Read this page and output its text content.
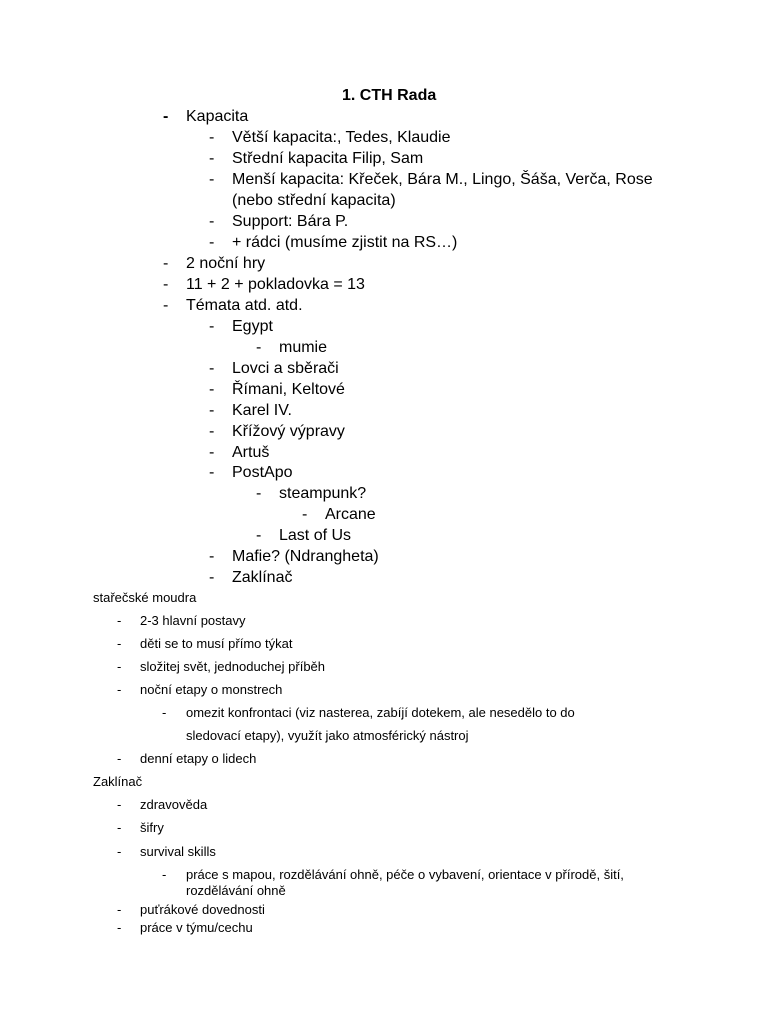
1. CTH Rada
- Kapacita
- Větší kapacita:, Tedes, Klaudie
- Střední kapacita Filip, Sam
- Menší kapacita: Křeček, Bára M., Lingo, Šáša, Verča, Rose
(nebo střední kapacita)
- Support: Bára P.
- + rádci (musíme zjistit na RS…)
- 2 noční hry
- 11 + 2 + pokladovka = 13
- Témata atd. atd.
- Egypt
- mumie
- Lovci a sběrači
- Římani, Keltové
- Karel IV.
- Křížový výpravy
- Artuš
- PostApo
- steampunk?
- Arcane
- Last of Us
- Mafie? (Ndrangheta)
- Zaklínač
stařečské moudra
- 2-3 hlavní postavy
- děti se to musí přímo týkat
- složitej svět, jednoduchej příběh
- noční etapy o monstrech
- omezit konfrontaci (viz nasterea, zabíjí dotekem, ale nesedělo to do
sledovací etapy), využít jako atmosférický nástroj
- denní etapy o lidech
Zaklínač
- zdravověda
- šifry
- survival skills
- práce s mapou, rozdělávání ohně, péče o vybavení, orientace v přírodě, šití,
rozdělávání ohně
- puťrákové dovednosti
- práce v týmu/cechu
